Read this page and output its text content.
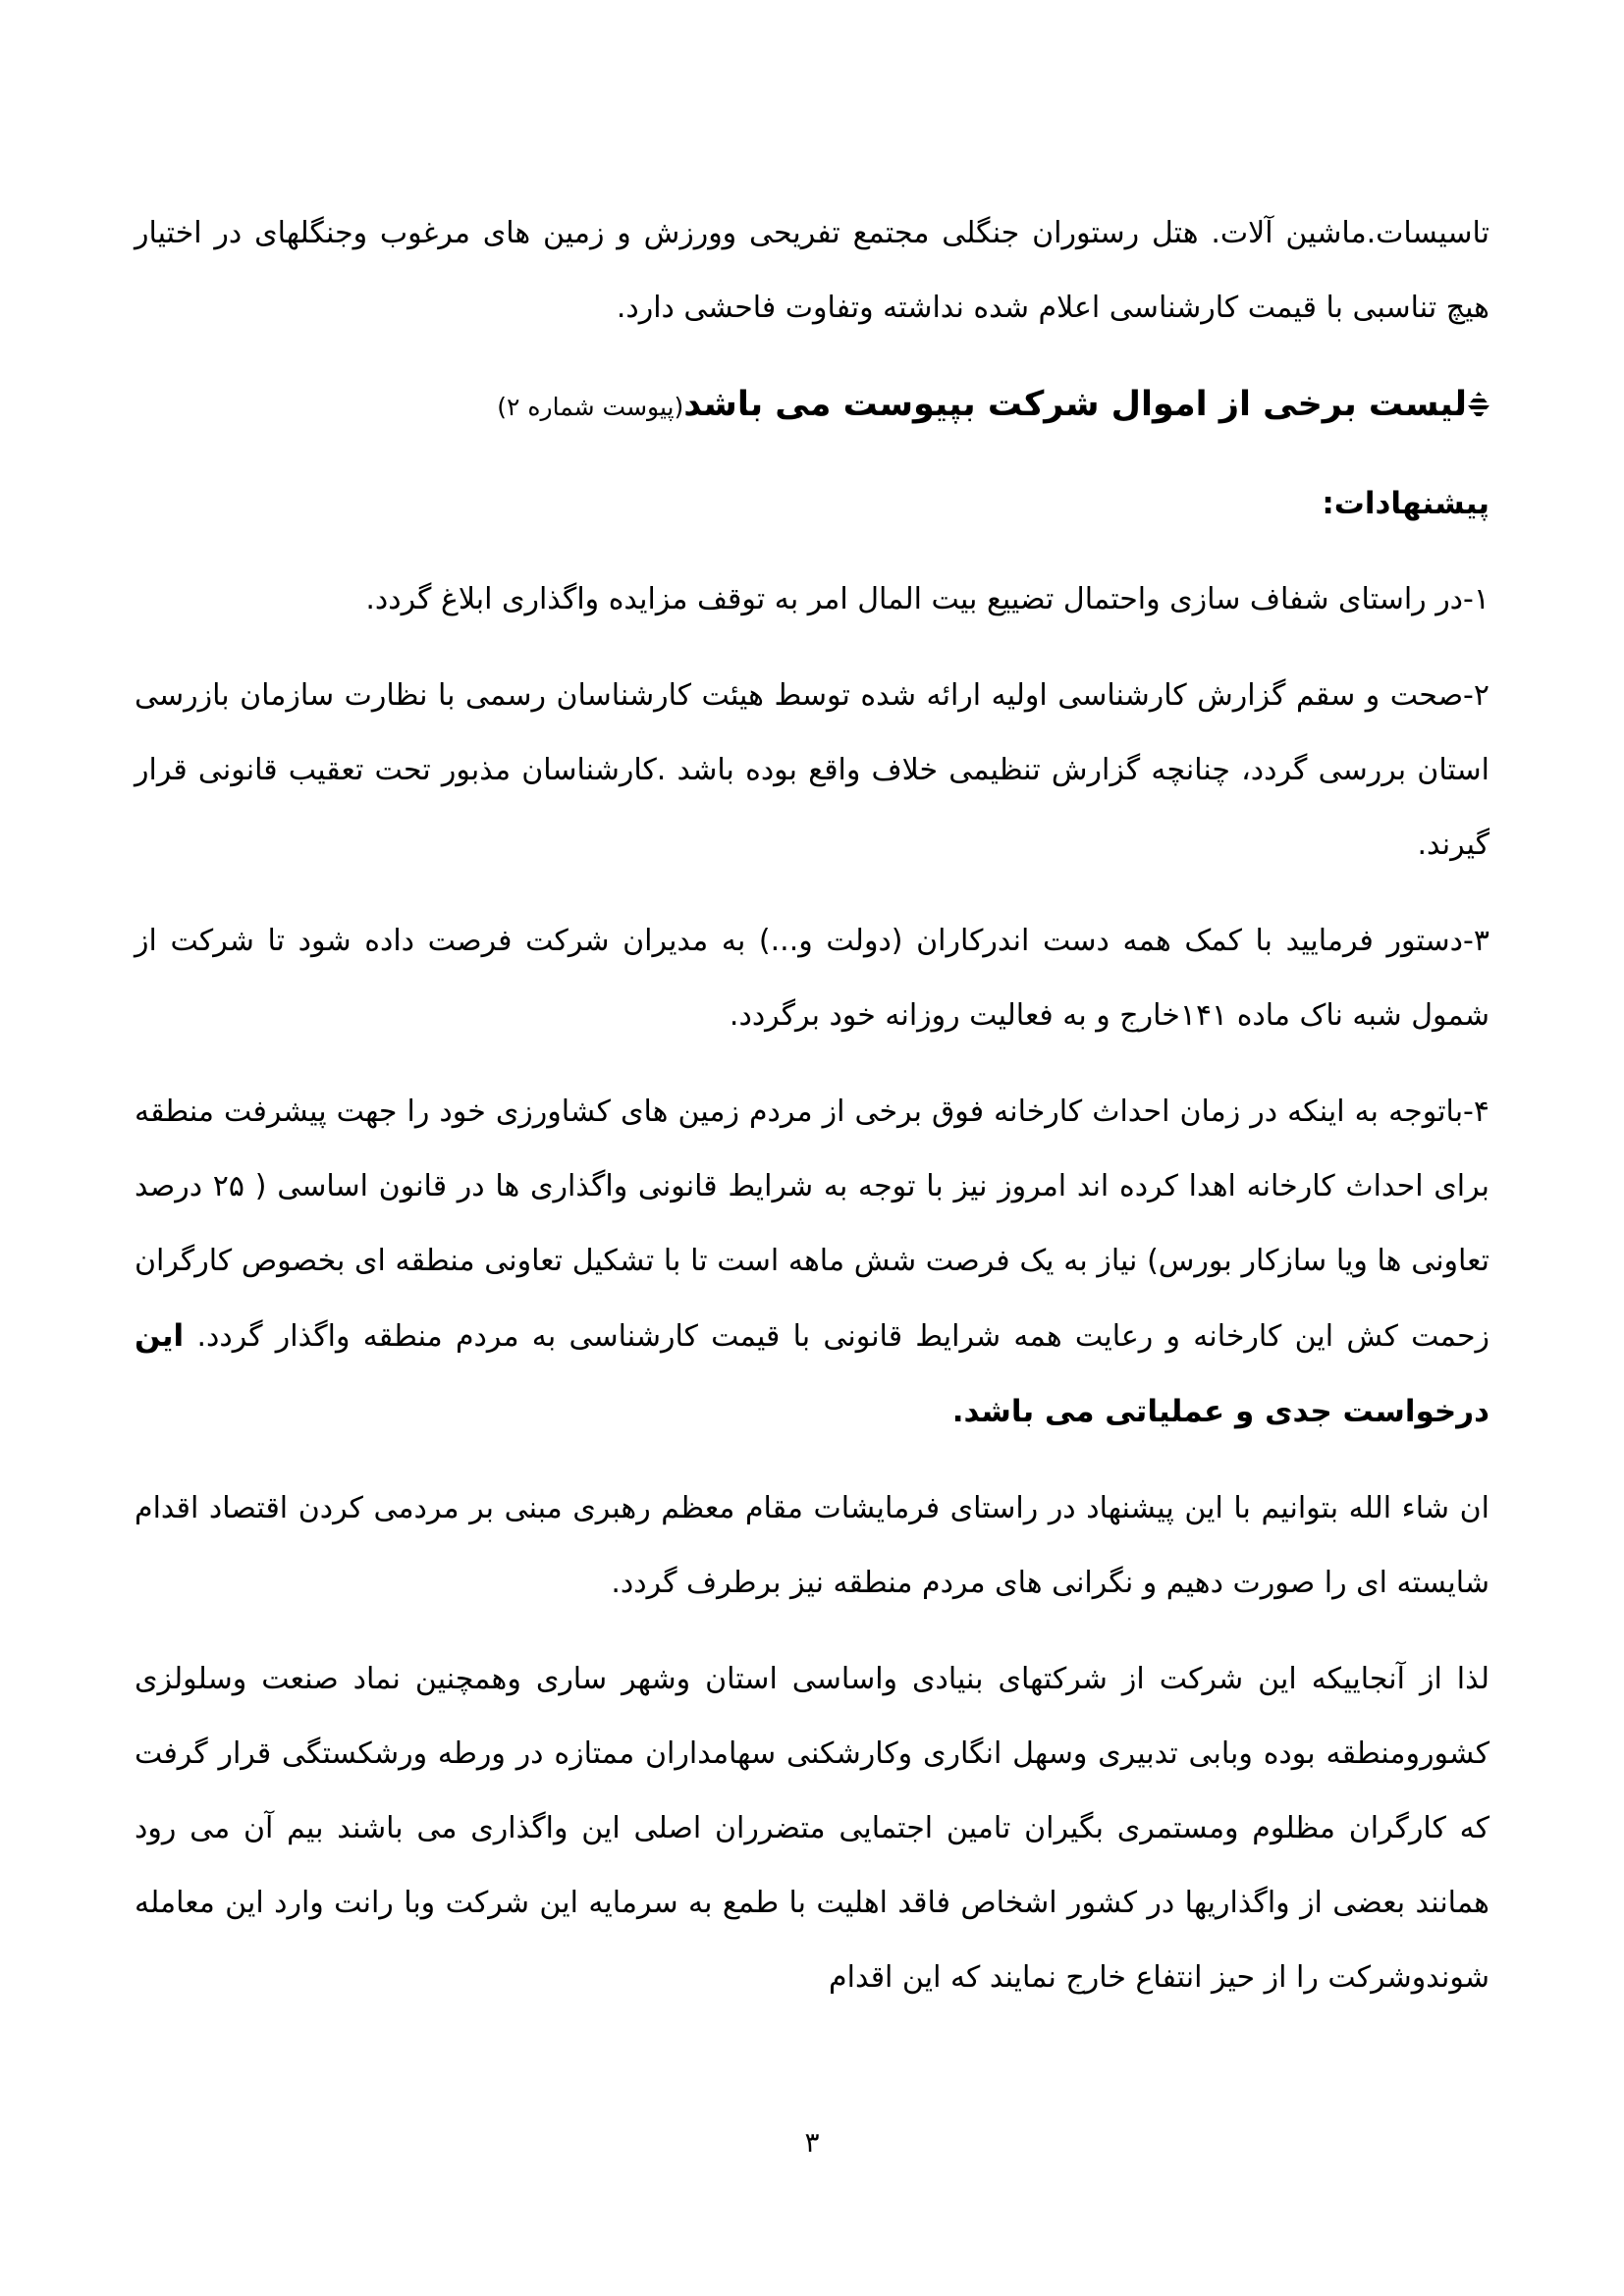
تاسیسات.ماشین آلات. هتل رستوران جنگلی مجتمع تفریحی وورزش و زمین های مرغوب وجنگلهای در اختیار هیچ تناسبی با قیمت کارشناسی اعلام شده نداشته وتفاوت فاحشی دارد.

لیست برخی از اموال شرکت بپیوست می باشد(پیوست شماره ۲)

پیشنهادات:

۱-در راستای شفاف سازی واحتمال تضییع بیت المال امر به توقف مزایده واگذاری ابلاغ گردد.

۲-صحت و سقم گزارش کارشناسی اولیه ارائه شده توسط هیئت کارشناسان رسمی با نظارت سازمان بازرسی استان بررسی گردد، چنانچه گزارش تنظیمی خلاف واقع بوده باشد .کارشناسان مذبور تحت تعقیب قانونی قرار گیرند.

۳-دستور فرمایید با کمک همه دست اندرکاران (دولت و...) به مدیران شرکت فرصت داده شود تا شرکت از شمول شبه ناک ماده ۱۴۱خارج و به فعالیت روزانه خود برگردد.

۴-باتوجه به اینکه در زمان احداث کارخانه فوق برخی از مردم زمین های کشاورزی خود را جهت پیشرفت منطقه برای احداث کارخانه اهدا کرده اند امروز نیز با توجه به شرایط قانونی واگذاری ها در قانون اساسی ( ۲۵ درصد تعاونی ها ویا سازکار بورس) نیاز به یک فرصت شش ماهه است تا با تشکیل تعاونی منطقه ای بخصوص کارگران زحمت کش این کارخانه و رعایت همه شرایط قانونی با قیمت کارشناسی به مردم منطقه واگذار گردد. این درخواست جدی و عملیاتی می باشد.

ان شاء الله بتوانیم با این پیشنهاد در راستای فرمایشات مقام معظم رهبری مبنی بر مردمی کردن اقتصاد اقدام شایسته ای را صورت دهیم و نگرانی های مردم منطقه نیز برطرف گردد.

لذا از آنجاییکه این شرکت از شرکتهای بنیادی واساسی استان وشهر ساری وهمچنین نماد صنعت وسلولزی کشورومنطقه بوده وبابی تدبیری وسهل انگاری وکارشکنی سهامداران ممتازه در ورطه ورشکستگی قرار گرفت که کارگران مظلوم ومستمری بگیران تامین اجتمایی متضرران اصلی این واگذاری می باشند بیم آن می رود همانند بعضی از واگذاریها در کشور اشخاص فاقد اهلیت با طمع به سرمایه این شرکت وبا رانت وارد این معامله شوندوشرکت را از حیز انتفاع خارج نمایند که این اقدام

۳
